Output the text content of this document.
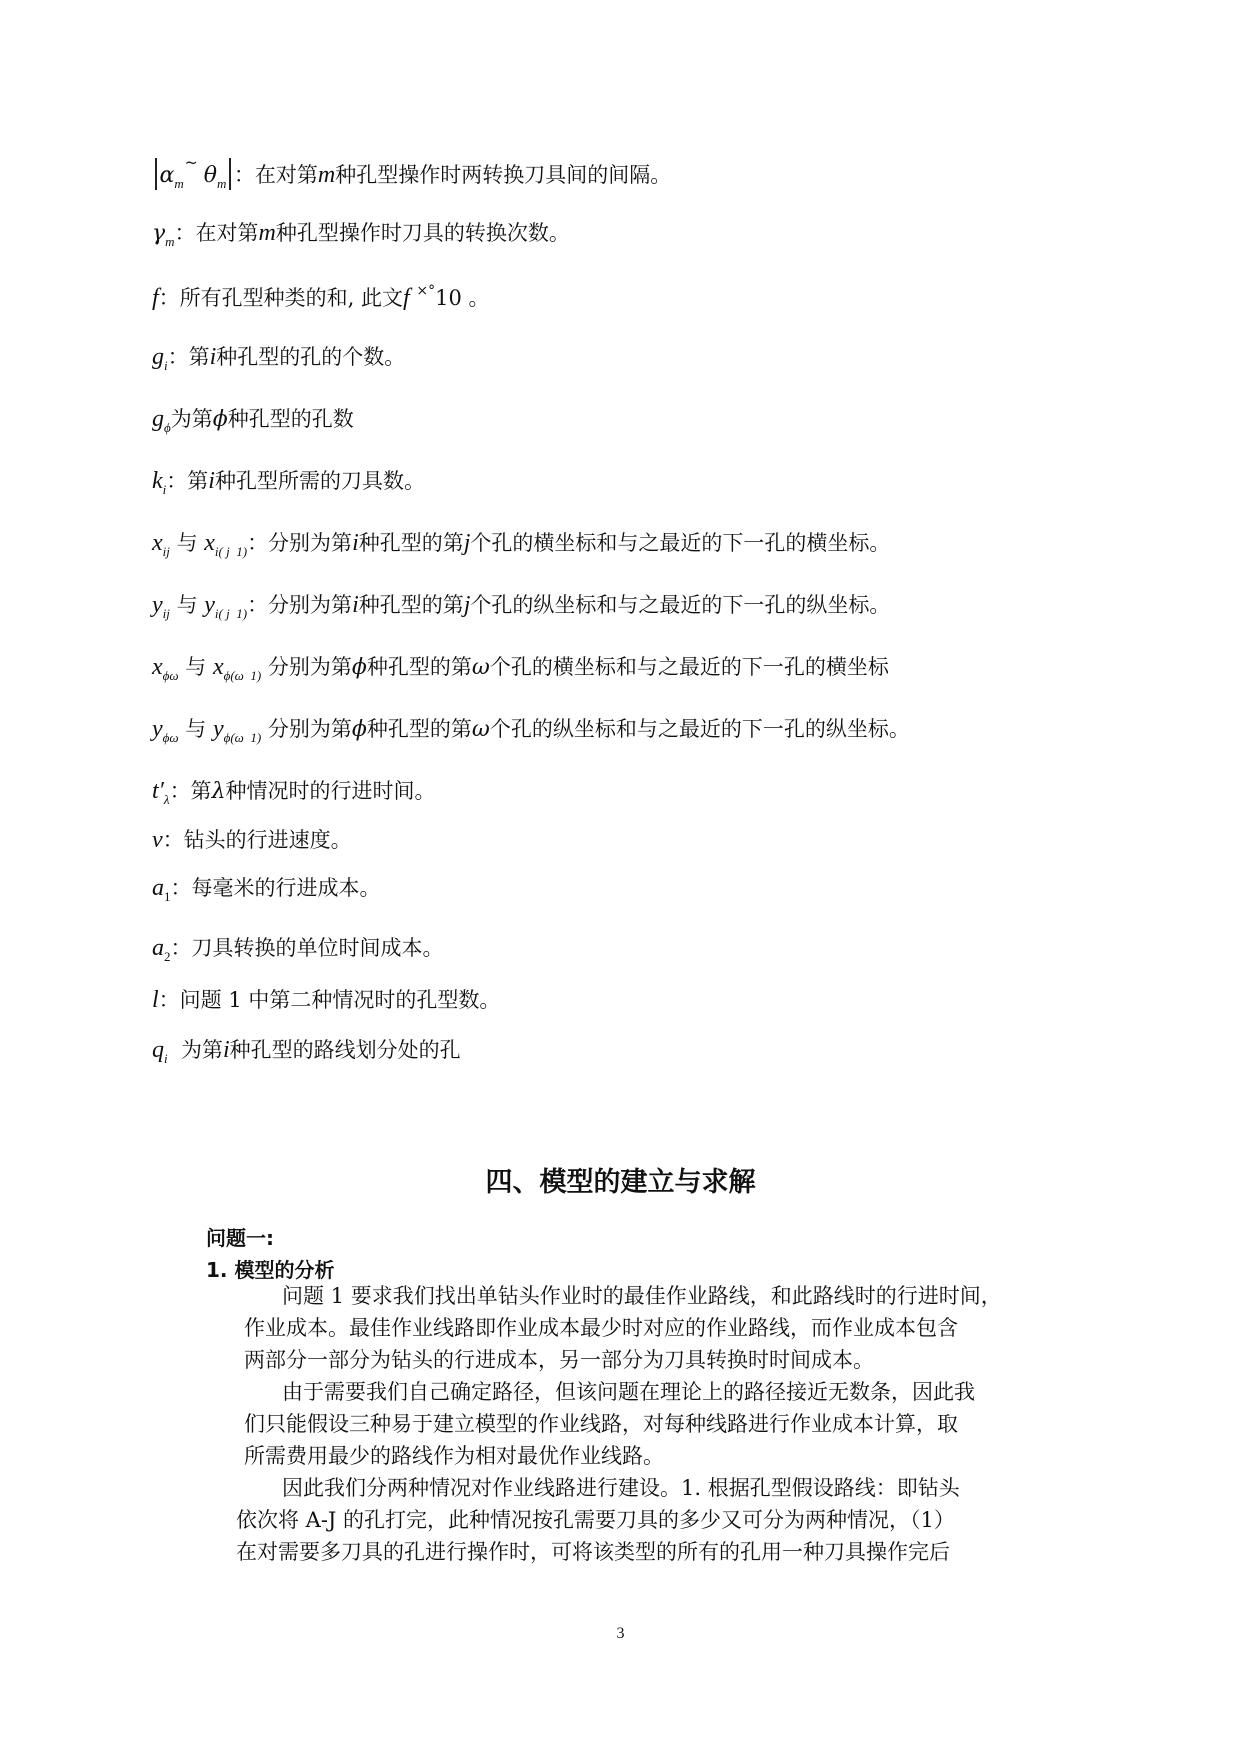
$\alpha_m$
~
$\theta_m$ ：在对第m种孔型操作时两转换刀具间的间隔。
$\gamma_m$：在对第m种孔型操作时刀具的转换次数。
f：所有孔型种类的和, 此文f ×°10 。
$g_i$：第i种孔型的孔的个数。
$g_\phi$为第ϕ种孔型的孔数
$k_i$：第i种孔型所需的刀具数。
$x_{ij}$ 与 $x_{i( j 1)}$：分别为第i种孔型的第j个孔的横坐标和与之最近的下一孔的横坐标。
$y_{ij}$ 与 $y_{i( j 1)}$：分别为第i种孔型的第j个孔的纵坐标和与之最近的下一孔的纵坐标。
$x_{\phi\omega}$ 与 $x_{\phi(\omega 1)}$ 分别为第ϕ种孔型的第ω个孔的横坐标和与之最近的下一孔的横坐标
$y_{\phi\omega}$ 与 $y_{\phi(\omega 1)}$ 分别为第ϕ种孔型的第ω个孔的纵坐标和与之最近的下一孔的纵坐标。
$t'_\lambda$：第λ种情况时的行进时间。
v：钻头的行进速度。
$a_1$：每毫米的行进成本。
$a_2$：刀具转换的单位时间成本。
l：问题 1 中第二种情况时的孔型数。
$q_i$ 为第i种孔型的路线划分处的孔
四、模型的建立与求解
问题一:
1. 模型的分析
问题 1 要求我们找出单钻头作业时的最佳作业路线，和此路线时的行进时间，
作业成本。最佳作业线路即作业成本最少时对应的作业路线，而作业成本包含
两部分一部分为钻头的行进成本，另一部分为刀具转换时时间成本。
由于需要我们自己确定路径，但该问题在理论上的路径接近无数条，因此我
们只能假设三种易于建立模型的作业线路，对每种线路进行作业成本计算，取
所需费用最少的路线作为相对最优作业线路。
因此我们分两种情况对作业线路进行建设。1. 根据孔型假设路线：即钻头
依次将 A-J 的孔打完，此种情况按孔需要刀具的多少又可分为两种情况，（1）
在对需要多刀具的孔进行操作时，可将该类型的所有的孔用一种刀具操作完后
3
